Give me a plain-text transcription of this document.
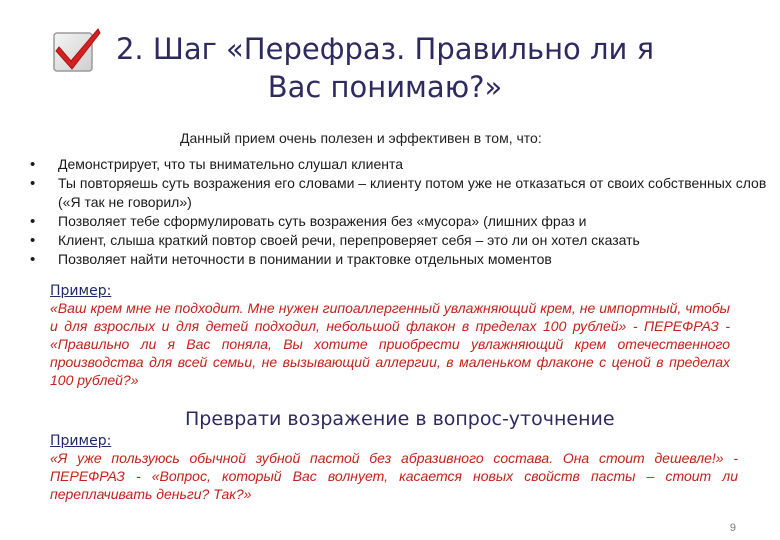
2. Шаг «Перефраз. Правильно ли я
Вас понимаю?»
Данный прием очень полезен и эффективен в том, что:
• Демонстрирует, что ты внимательно слушал клиента
• Ты повторяешь суть возражения его словами – клиенту потом уже не отказаться от своих собственных слов («Я так не говорил»)
• Позволяет тебе сформулировать суть возражения без «мусора» (лишних фраз и
• Клиент, слыша краткий повтор своей речи, перепроверяет себя – это ли он хотел сказать
• Позволяет найти неточности в понимании и трактовке отдельных моментов
Пример:

«Ваш крем мне не подходит. Мне нужен гипоаллергенный увлажняющий крем, не импортный, чтобы и для взрослых и для детей подходил, небольшой флакон в пределах 100 рублей» - ПЕРЕФРАЗ - «Правильно ли я Вас поняла, Вы хотите приобрести увлажняющий крем отечественного производства для всей семьи, не вызывающий аллергии, в маленьком флаконе с ценой в пределах 100 рублей?»

Преврати возражение в вопрос-уточнение
Пример:

«Я уже пользуюсь обычной зубной пастой без абразивного состава. Она стоит дешевле!» - ПЕРЕФРАЗ - «Вопрос, который Вас волнует, касается новых свойств пасты – стоит ли переплачивать деньги? Так?»

9
